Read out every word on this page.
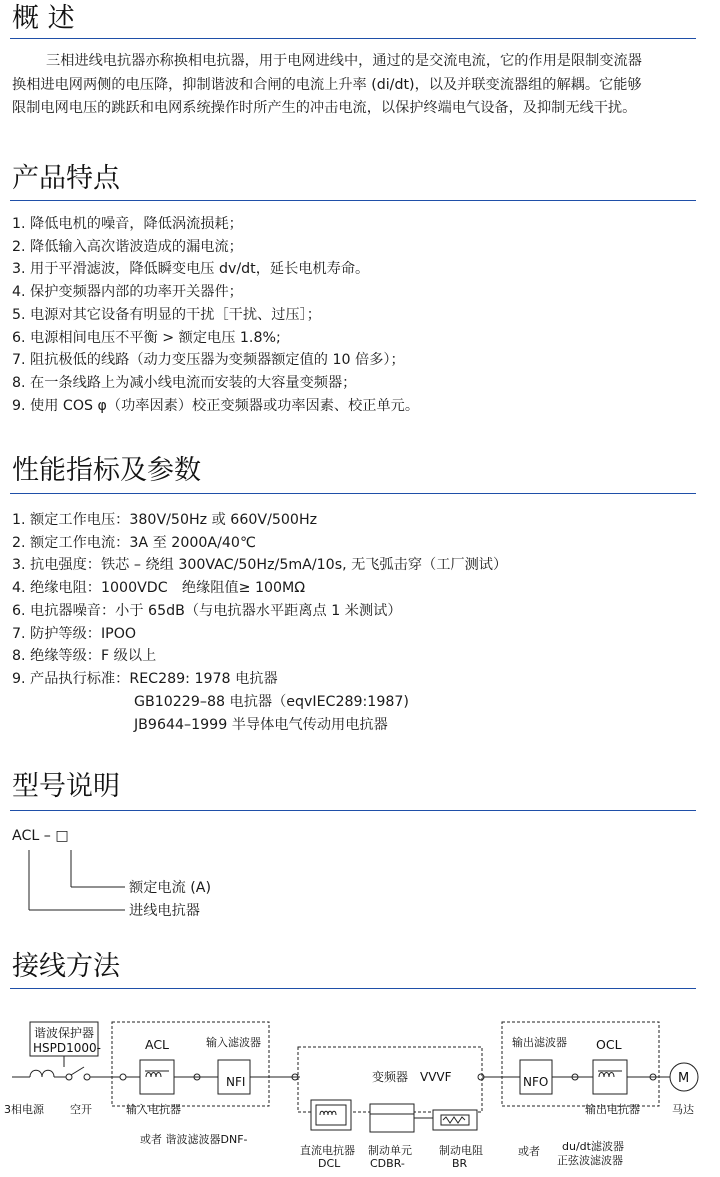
概 述

三相进线电抗器亦称换相电抗器，用于电网进线中，通过的是交流电流，它的作用是限制变流器
换相进电网两侧的电压降，抑制谐波和合闸的电流上升率 (di/dt)，以及并联变流器组的解耦。它能够
限制电网电压的跳跃和电网系统操作时所产生的冲击电流，以保护终端电气设备，及抑制无线干扰。

产品特点
1. 降低电机的噪音，降低涡流损耗；
2. 降低输入高次谐波造成的漏电流；
3. 用于平滑滤波，降低瞬变电压 dv/dt，延长电机寿命。
4. 保护变频器内部的功率开关器件；
5. 电源对其它设备有明显的干扰［干扰、过压］；
6. 电源相间电压不平衡 > 额定电压 1.8%;
7. 阻抗极低的线路（动力变压器为变频器额定值的 10 倍多）；
8. 在一条线路上为减小线电流而安装的大容量变频器；
9. 使用 COS φ（功率因素）校正变频器或功率因素、校正单元。
性能指标及参数
1. 额定工作电压：380V/50Hz 或 660V/500Hz
2. 额定工作电流：3A 至 2000A/40℃
3. 抗电强度：铁芯 – 绕组 300VAC/50Hz/5mA/10s, 无飞弧击穿（工厂测试）
4. 绝缘电阻：1000VDC　绝缘阻值≥ 100MΩ
6. 电抗器噪音：小于 65dB（与电抗器水平距离点 1 米测试）
7. 防护等级：IPOO
8. 绝缘等级：F 级以上
9. 产品执行标准：REC289: 1978 电抗器
GB10229–88 电抗器（eqvIEC289:1987)
JB9644–1999 半导体电气传动用电抗器
型号说明
ACL – □
额定电流 (A)
进线电抗器
接线方法
谐波保护器
HSPD1000-
3相电源 空开
ACL
输入电抗器
输入滤波器
NFI
或者 谐波滤波器DNF-
变频器　VVVF
直流电抗器
DCL
制动单元
CDBR-
制动电阻
BR
输出滤波器
NFO
OCL
输出电抗器
M
马达
或者 du/dt滤波器
正弦波滤波器
